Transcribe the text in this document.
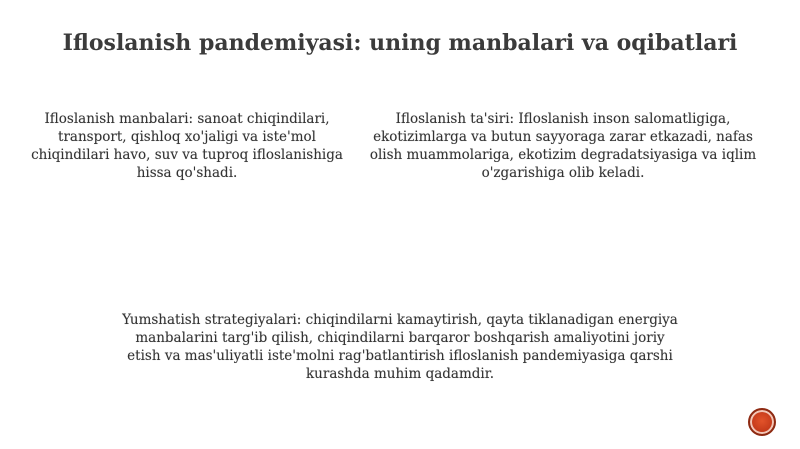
Ifloslanish pandemiyasi: uning manbalari va oqibatlari

Ifloslanish manbalari: sanoat chiqindilari, transport, qishloq xo'jaligi va iste'mol chiqindilari havo, suv va tuproq ifloslanishiga hissa qo'shadi.

Ifloslanish ta'siri: Ifloslanish inson salomatligiga, ekotizimlarga va butun sayyoraga zarar etkazadi, nafas olish muammolariga, ekotizim degradatsiyasiga va iqlim o'zgarishiga olib keladi.

Yumshatish strategiyalari: chiqindilarni kamaytirish, qayta tiklanadigan energiya manbalarini targ'ib qilish, chiqindilarni barqaror boshqarish amaliyotini joriy etish va mas'uliyatli iste'molni rag'batlantirish ifloslanish pandemiyasiga qarshi kurashda muhim qadamdir.
